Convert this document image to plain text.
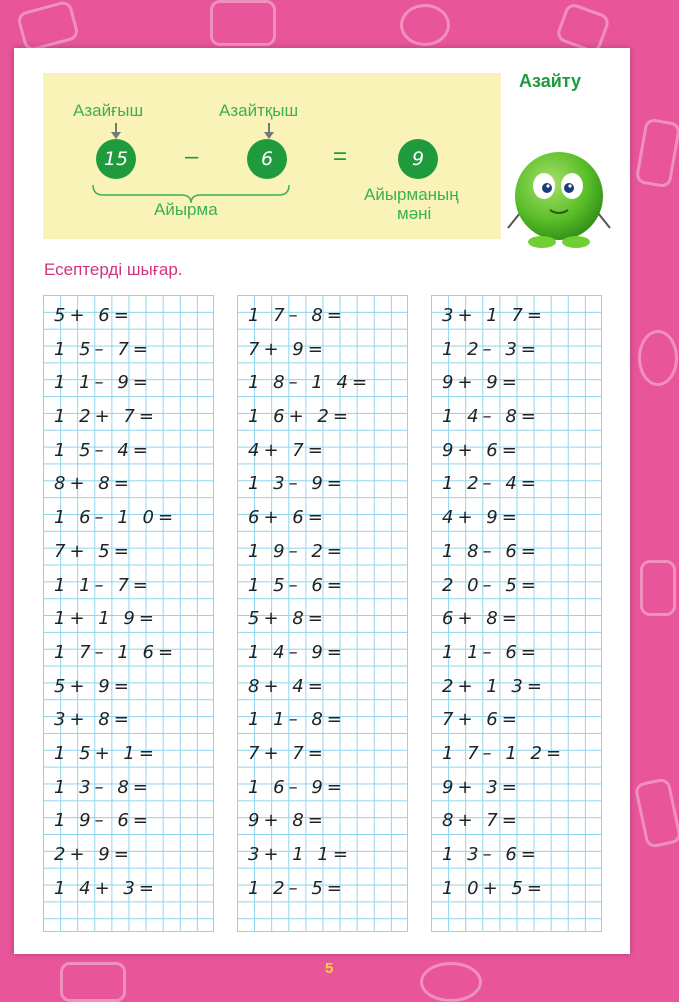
Азайғыш	Азайтқыш
15	–	6	=	9
Айырма
Айырманың
мәні
Азайту
Есептерді шығар.
5+ 6=
1 5– 7=
1 1– 9=
1 2+ 7=
1 5– 4=
8+ 8=
1 6– 1 0=
7+ 5=
1 1– 7=
1+ 1 9=
1 7– 1 6=
5+ 9=
3+ 8=
1 5+ 1=
1 3– 8=
1 9– 6=
2+ 9=
1 4+ 3=
1 7– 8=
7+ 9=
1 8– 1 4=
1 6+ 2=
4+ 7=
1 3– 9=
6+ 6=
1 9– 2=
1 5– 6=
5+ 8=
1 4– 9=
8+ 4=
1 1– 8=
7+ 7=
1 6– 9=
9+ 8=
3+ 1 1=
1 2– 5=
3+ 1 7=
1 2– 3=
9+ 9=
1 4– 8=
9+ 6=
1 2– 4=
4+ 9=
1 8– 6=
2 0– 5=
6+ 8=
1 1– 6=
2+ 1 3=
7+ 6=
1 7– 1 2=
9+ 3=
8+ 7=
1 3– 6=
1 0+ 5=
5
